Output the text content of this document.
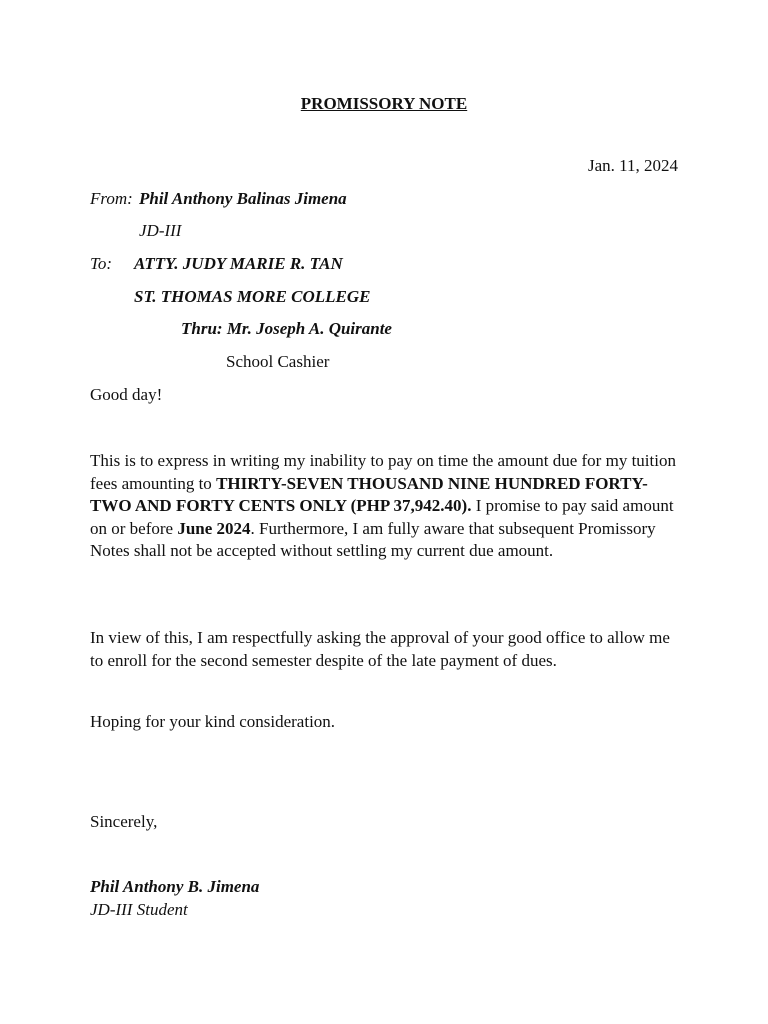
PROMISSORY NOTE
Jan. 11, 2024
From: Phil Anthony Balinas Jimena
JD-III
To: ATTY. JUDY MARIE R. TAN
ST. THOMAS MORE COLLEGE
Thru: Mr. Joseph A. Quirante
School Cashier
Good day!

This is to express in writing my inability to pay on time the amount due for my tuition fees amounting to THIRTY-SEVEN THOUSAND NINE HUNDRED FORTY-TWO AND FORTY CENTS ONLY (PHP 37,942.40). I promise to pay said amount on or before June 2024. Furthermore, I am fully aware that subsequent Promissory Notes shall not be accepted without settling my current due amount.

In view of this, I am respectfully asking the approval of your good office to allow me to enroll for the second semester despite of the late payment of dues.

Hoping for your kind consideration.
Sincerely,
Phil Anthony B. Jimena
JD-III Student
